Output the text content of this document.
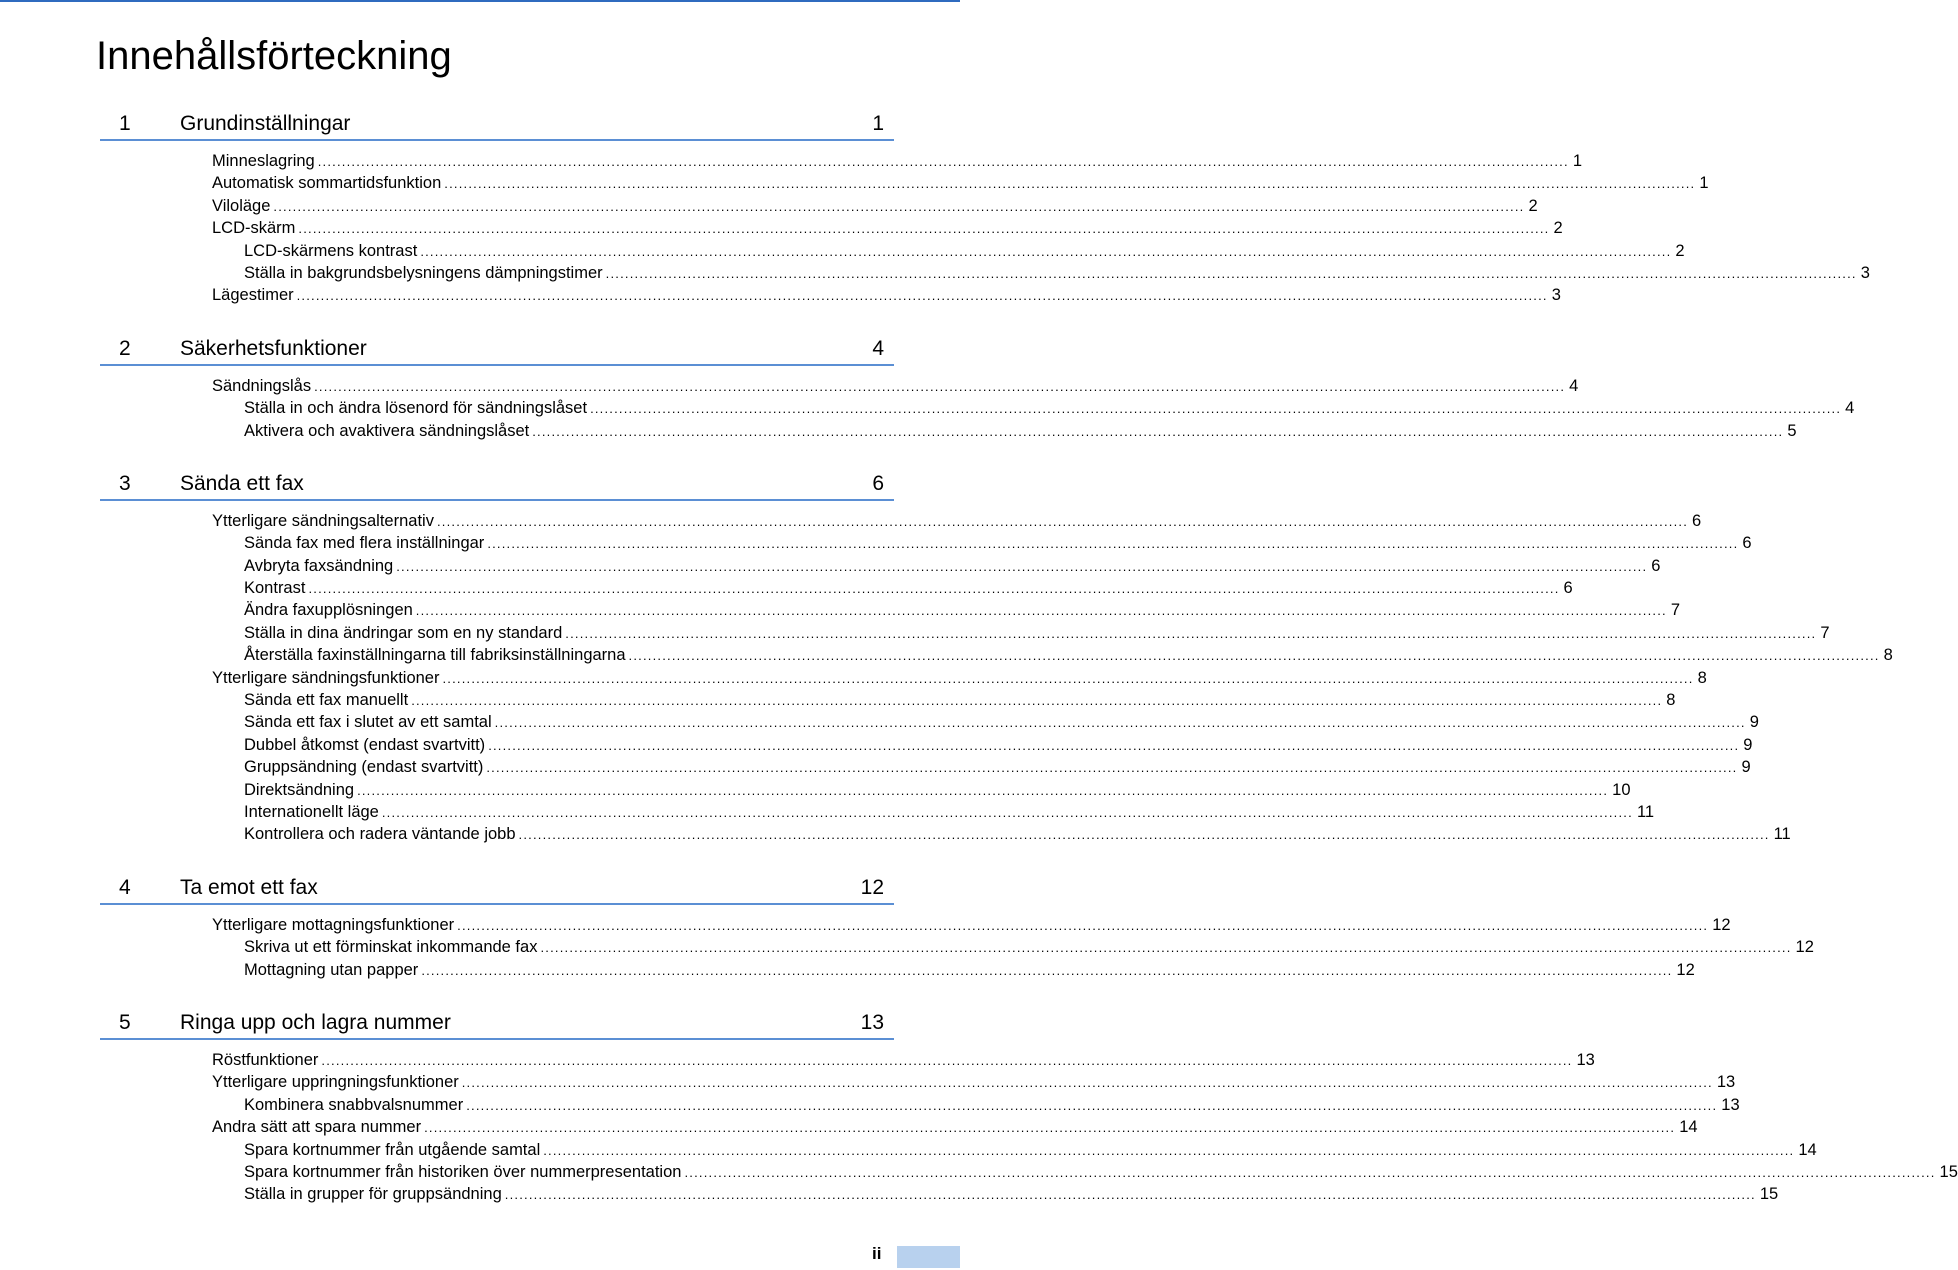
Innehållsförteckning
1 Grundinställningar	1
Minneslagring .................................................................................................................................................................................................................................................................... 1
Automatisk sommartidsfunktion .................................................................................................................................................................................................................................................................... 1
Viloläge .................................................................................................................................................................................................................................................................... 2
LCD-skärm .................................................................................................................................................................................................................................................................... 2
LCD-skärmens kontrast .................................................................................................................................................................................................................................................................... 2
Ställa in bakgrundsbelysningens dämpningstimer .................................................................................................................................................................................................................................................................... 3
Lägestimer .................................................................................................................................................................................................................................................................... 3
2 Säkerhetsfunktioner	4
Sändningslås .................................................................................................................................................................................................................................................................... 4
Ställa in och ändra lösenord för sändningslåset .................................................................................................................................................................................................................................................................... 4
Aktivera och avaktivera sändningslåset .................................................................................................................................................................................................................................................................... 5
3 Sända ett fax	6
Ytterligare sändningsalternativ .................................................................................................................................................................................................................................................................... 6
Sända fax med flera inställningar .................................................................................................................................................................................................................................................................... 6
Avbryta faxsändning .................................................................................................................................................................................................................................................................... 6
Kontrast .................................................................................................................................................................................................................................................................... 6
Ändra faxupplösningen .................................................................................................................................................................................................................................................................... 7
Ställa in dina ändringar som en ny standard .................................................................................................................................................................................................................................................................... 7
Återställa faxinställningarna till fabriksinställningarna .................................................................................................................................................................................................................................................................... 8
Ytterligare sändningsfunktioner .................................................................................................................................................................................................................................................................... 8
Sända ett fax manuellt .................................................................................................................................................................................................................................................................... 8
Sända ett fax i slutet av ett samtal .................................................................................................................................................................................................................................................................... 9
Dubbel åtkomst (endast svartvitt) .................................................................................................................................................................................................................................................................... 9
Gruppsändning (endast svartvitt) .................................................................................................................................................................................................................................................................... 9
Direktsändning .................................................................................................................................................................................................................................................................... 10
Internationellt läge .................................................................................................................................................................................................................................................................... 11
Kontrollera och radera väntande jobb .................................................................................................................................................................................................................................................................... 11
4 Ta emot ett fax	12
Ytterligare mottagningsfunktioner .................................................................................................................................................................................................................................................................... 12
Skriva ut ett förminskat inkommande fax .................................................................................................................................................................................................................................................................... 12
Mottagning utan papper .................................................................................................................................................................................................................................................................... 12
5 Ringa upp och lagra nummer	13
Röstfunktioner .................................................................................................................................................................................................................................................................... 13
Ytterligare uppringningsfunktioner .................................................................................................................................................................................................................................................................... 13
Kombinera snabbvalsnummer .................................................................................................................................................................................................................................................................... 13
Andra sätt att spara nummer .................................................................................................................................................................................................................................................................... 14
Spara kortnummer från utgående samtal .................................................................................................................................................................................................................................................................... 14
Spara kortnummer från historiken över nummerpresentation .................................................................................................................................................................................................................................................................... 15
Ställa in grupper för gruppsändning .................................................................................................................................................................................................................................................................... 15
ii
